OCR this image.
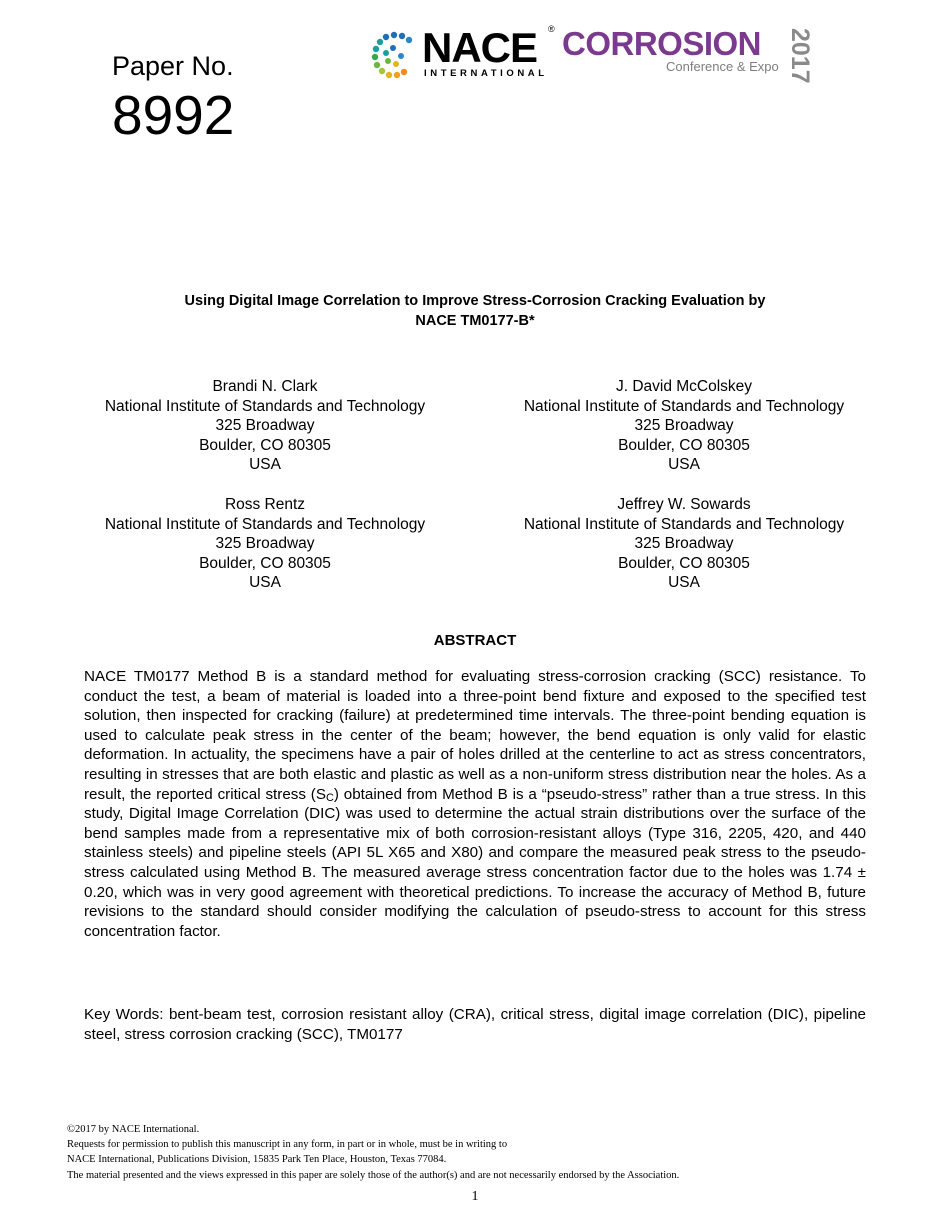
Paper No.
8992
NACE ®
INTERNATIONAL
CORROSION
Conference & Expo 2017
Using Digital Image Correlation to Improve Stress-Corrosion Cracking Evaluation by
NACE TM0177-B*
Brandi N. Clark
National Institute of Standards and Technology
325 Broadway
Boulder, CO 80305
USA
J. David McColskey
National Institute of Standards and Technology
325 Broadway
Boulder, CO 80305
USA
Ross Rentz
National Institute of Standards and Technology
325 Broadway
Boulder, CO 80305
USA
Jeffrey W. Sowards
National Institute of Standards and Technology
325 Broadway
Boulder, CO 80305
USA
ABSTRACT
NACE TM0177 Method B is a standard method for evaluating stress-corrosion cracking (SCC) resistance. To conduct the test, a beam of material is loaded into a three-point bend fixture and exposed to the specified test solution, then inspected for cracking (failure) at predetermined time intervals. The three-point bending equation is used to calculate peak stress in the center of the beam; however, the bend equation is only valid for elastic deformation. In actuality, the specimens have a pair of holes drilled at the centerline to act as stress concentrators, resulting in stresses that are both elastic and plastic as well as a non-uniform stress distribution near the holes. As a result, the reported critical stress $(S_C)$ obtained from Method B is a “pseudo-stress” rather than a true stress. In this study, Digital Image Correlation (DIC) was used to determine the actual strain distributions over the surface of the bend samples made from a representative mix of both corrosion-resistant alloys (Type 316, 2205, 420, and 440 stainless steels) and pipeline steels (API 5L X65 and X80) and compare the measured peak stress to the pseudo-stress calculated using Method B. The measured average stress concentration factor due to the holes was 1.74 ± 0.20, which was in very good agreement with theoretical predictions. To increase the accuracy of Method B, future revisions to the standard should consider modifying the calculation of pseudo-stress to account for this stress concentration factor.
Key Words: bent-beam test, corrosion resistant alloy (CRA), critical stress, digital image correlation (DIC), pipeline steel, stress corrosion cracking (SCC), TM0177
©2017 by NACE International.
Requests for permission to publish this manuscript in any form, in part or in whole, must be in writing to
NACE International, Publications Division, 15835 Park Ten Place, Houston, Texas 77084.
The material presented and the views expressed in this paper are solely those of the author(s) and are not necessarily endorsed by the Association.
1
